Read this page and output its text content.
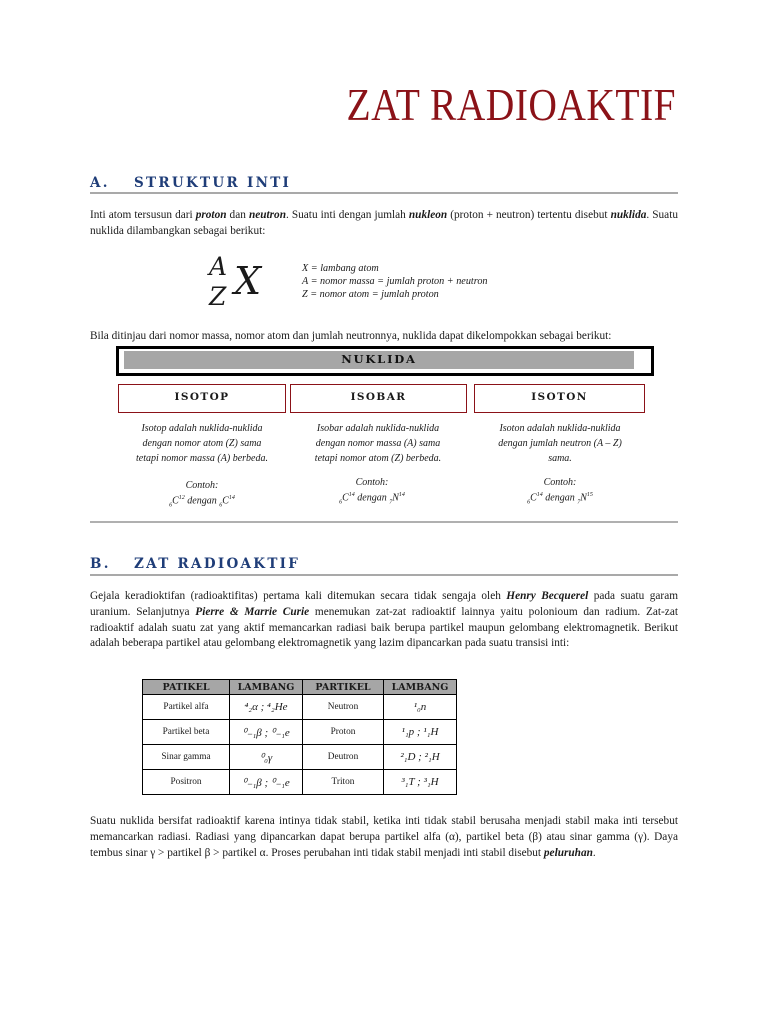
ZAT RADIOAKTIF
A. STRUKTUR INTI
Inti atom tersusun dari proton dan neutron. Suatu inti dengan jumlah nukleon (proton + neutron) tertentu disebut nuklida. Suatu nuklida dilambangkan sebagai berikut:
A
Z X	X = lambang atom
A = nomor massa = jumlah proton + neutron
Z = nomor atom = jumlah proton
Bila ditinjau dari nomor massa, nomor atom dan jumlah neutronnya, nuklida dapat dikelompokkan sebagai berikut:
NUKLIDA
ISOTOP	ISOBAR	ISOTON
Isotop adalah nuklida-nuklida
dengan nomor atom (Z) sama
tetapi nomor massa (A) berbeda.
Isobar adalah nuklida-nuklida
dengan nomor massa (A) sama
tetapi nomor atom (Z) berbeda.
Isoton adalah nuklida-nuklida
dengan jumlah neutron (A – Z)
sama.
Contoh:
$_6C^{12}$ dengan $_6C^{14}$
Contoh:
$_6C^{14}$ dengan $_7N^{14}$
Contoh:
$_6C^{14}$ dengan $_7N^{15}$
B. ZAT RADIOAKTIF
Gejala keradioktifan (radioaktifitas) pertama kali ditemukan secara tidak sengaja oleh Henry Becquerel pada suatu garam uranium. Selanjutnya Pierre & Marrie Curie menemukan zat-zat radioaktif lainnya yaitu polonioum dan radium. Zat-zat radioaktif adalah suatu zat yang aktif memancarkan radiasi baik berupa partikel maupun gelombang elektromagnetik. Berikut adalah beberapa partikel atau gelombang elektromagnetik yang lazim dipancarkan pada suatu transisi inti:
PATIKEL	LAMBANG	PARTIKEL	LAMBANG
Partikel alfa	⁴₂α ; ⁴₂He	Neutron	¹₀n
Partikel beta	⁰₋₁β ; ⁰₋₁e	Proton	¹₁p ; ¹₁H
Sinar gamma	⁰₀γ	Deutron	²₁D ; ²₁H
Positron	⁰₋₁β ; ⁰₋₁e	Triton	³₁T ; ³₁H
Suatu nuklida bersifat radioaktif karena intinya tidak stabil, ketika inti tidak stabil berusaha menjadi stabil maka inti tersebut memancarkan radiasi. Radiasi yang dipancarkan dapat berupa partikel alfa (α), partikel beta (β) atau sinar gamma (γ). Daya tembus sinar γ > partikel β > partikel α. Proses perubahan inti tidak stabil menjadi inti stabil disebut peluruhan.
